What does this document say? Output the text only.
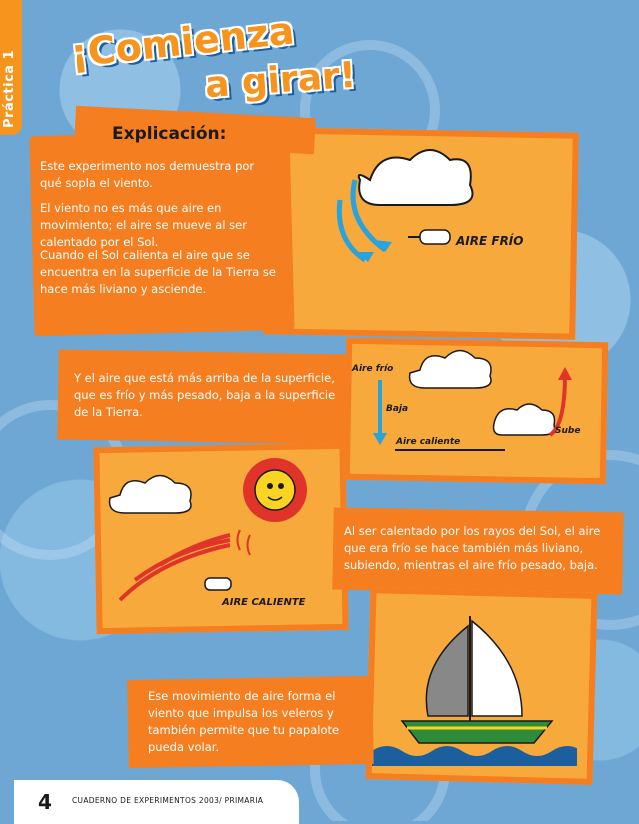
Práctica 1
¡Comienza
a girar!
AIRE FRÍO
Explicación:
Este experimento nos demuestra por qué sopla el viento.
El viento no es más que aire en movimiento; el aire se mueve al ser calentado por el Sol.
Cuando el Sol calienta el aire que se encuentra en la superficie de la Tierra se hace más liviano y asciende.
Aire frío
Baja
Aire caliente
Sube
Y el aire que está más arriba de la superficie, que es frío y más pesado, baja a la superficie de la Tierra.
AIRE CALIENTE
Al ser calentado por los rayos del Sol, el aire que era frío se hace también más liviano, subiendo, mientras el aire frío pesado, baja.
Ese movimiento de aire forma el viento que impulsa los veleros y también permite que tu papalote pueda volar.
4	CUADERNO DE EXPERIMENTOS 2003/ PRIMARIA
